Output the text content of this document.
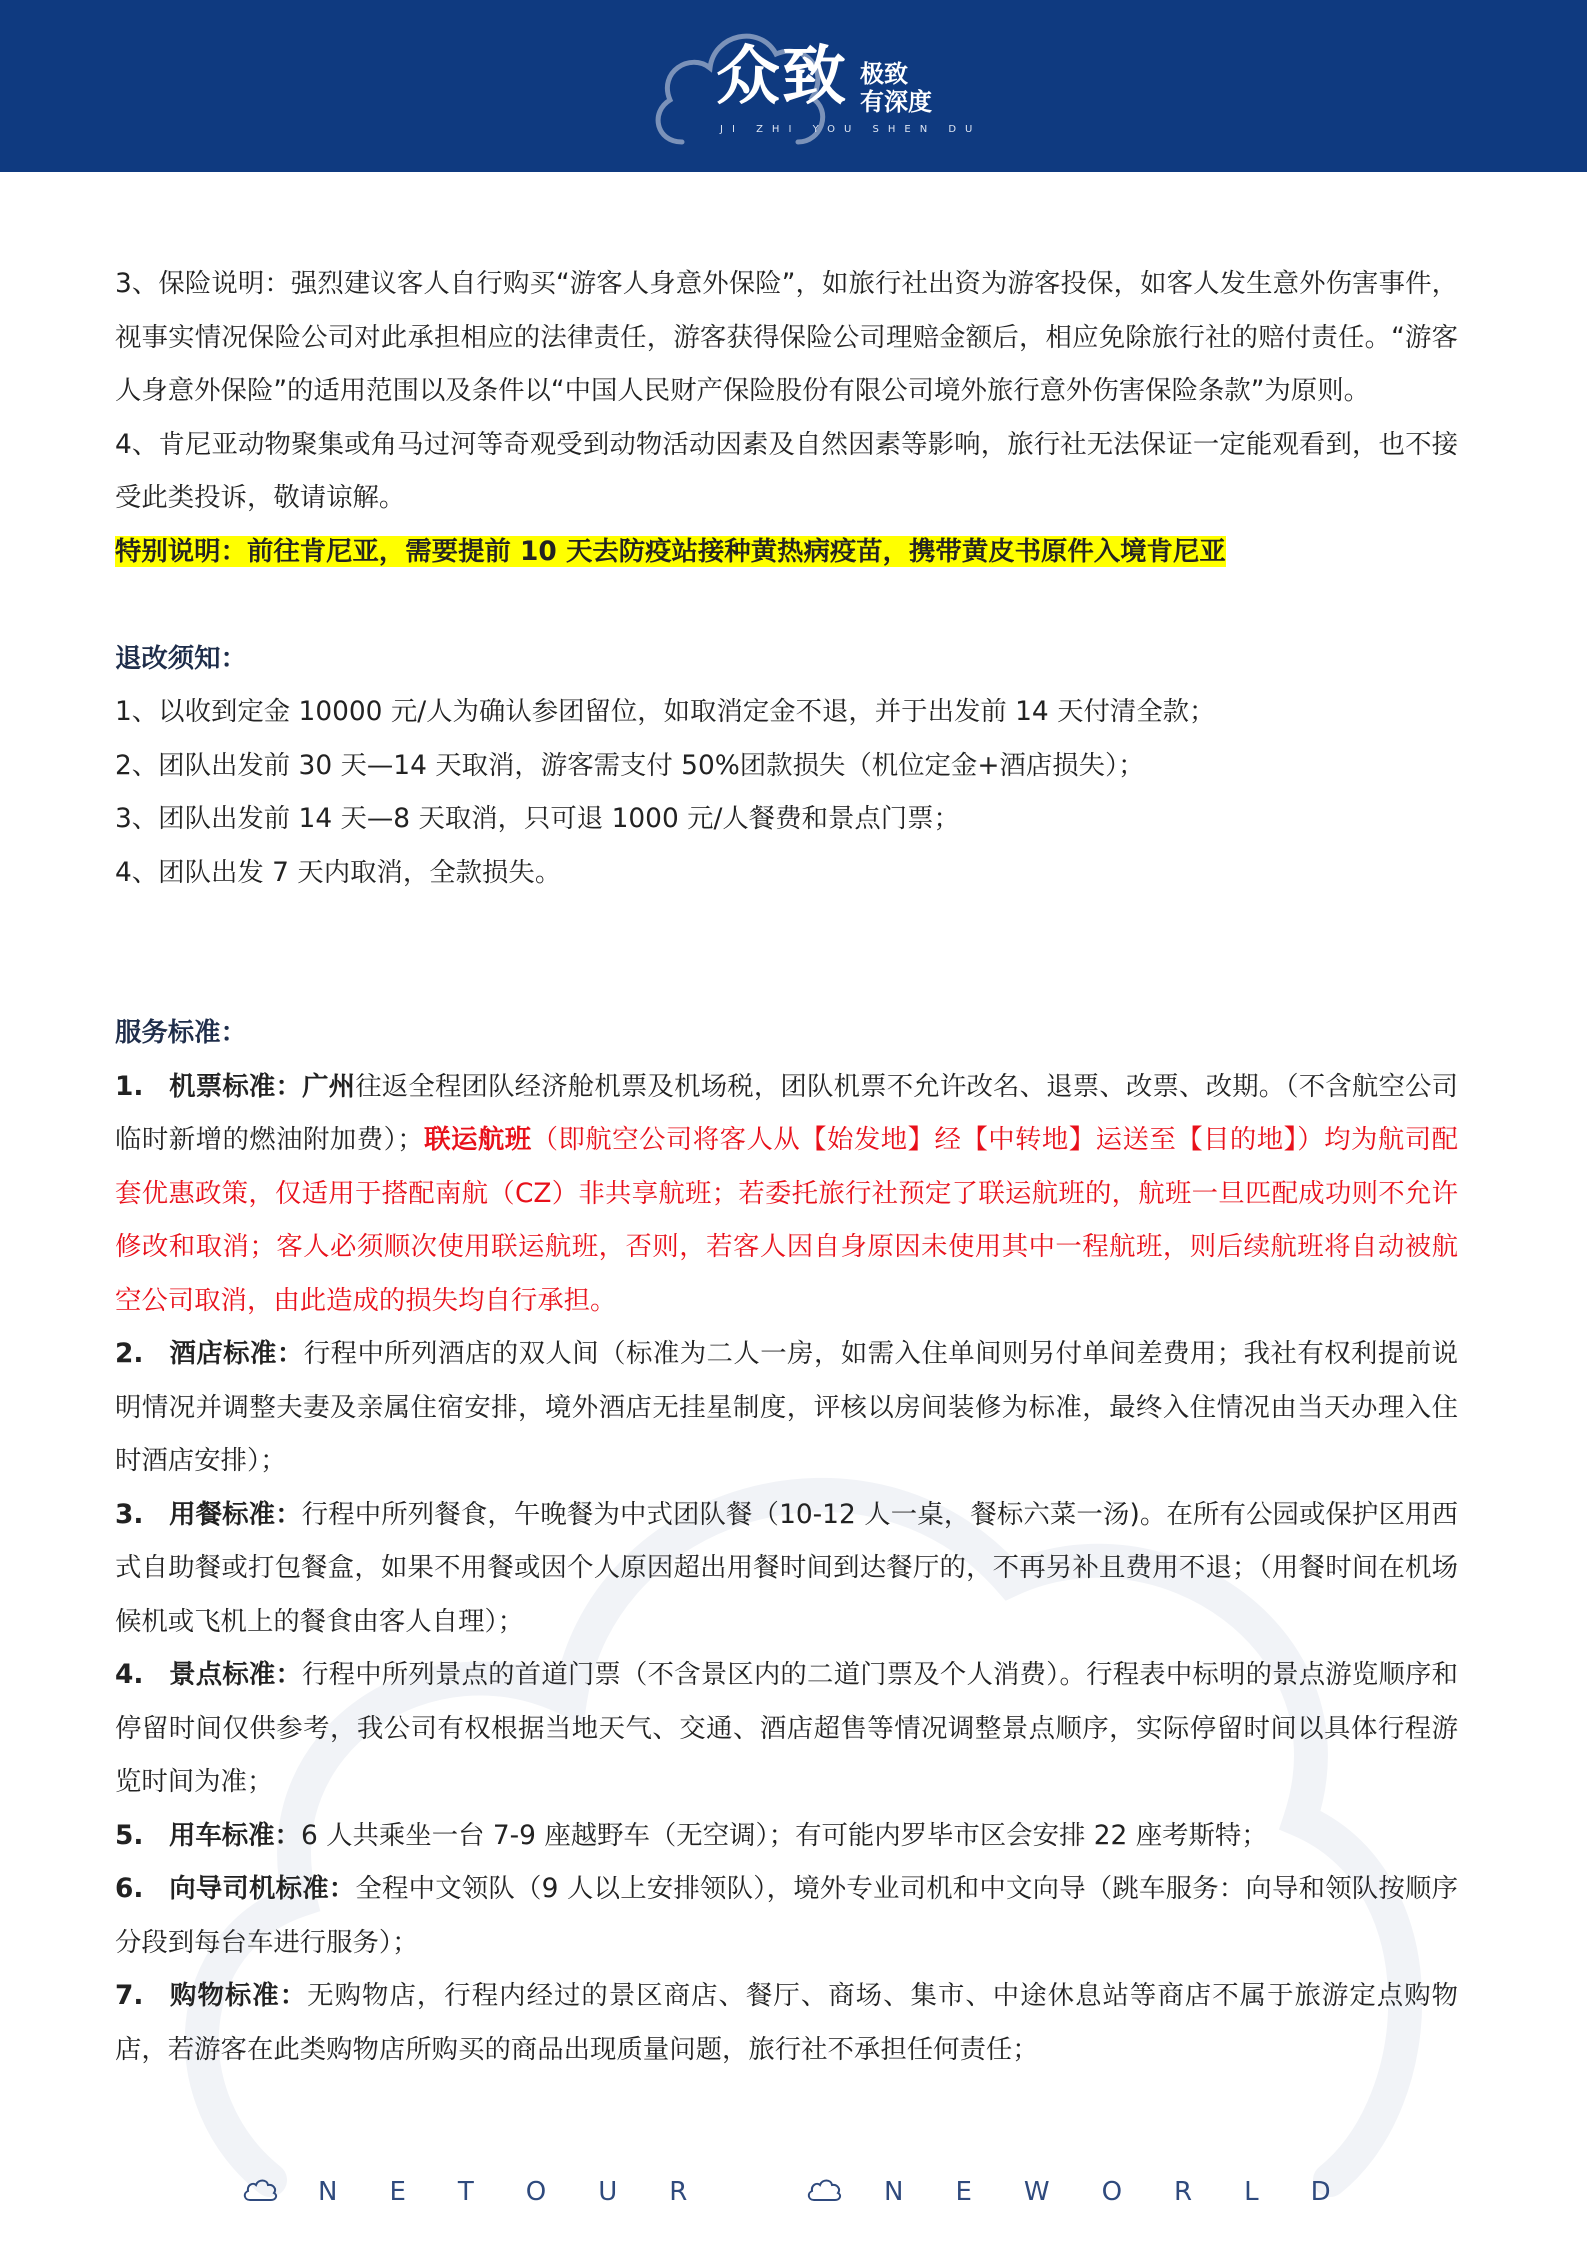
众致 极致
有深度
JI ZHI YOU SHEN DU

3、保险说明：强烈建议客人自行购买“游客人身意外保险”，如旅行社出资为游客投保，如客人发生意外伤害事件，视事实情况保险公司对此承担相应的法律责任，游客获得保险公司理赔金额后，相应免除旅行社的赔付责任。“游客人身意外保险”的适用范围以及条件以“中国人民财产保险股份有限公司境外旅行意外伤害保险条款”为原则。

4、肯尼亚动物聚集或角马过河等奇观受到动物活动因素及自然因素等影响，旅行社无法保证一定能观看到，也不接受此类投诉，敬请谅解。

特别说明：前往肯尼亚，需要提前 10 天去防疫站接种黄热病疫苗，携带黄皮书原件入境肯尼亚

退改须知：

1、以收到定金 10000 元/人为确认参团留位，如取消定金不退，并于出发前 14 天付清全款；

2、团队出发前 30 天—14 天取消，游客需支付 50%团款损失（机位定金+酒店损失）；

3、团队出发前 14 天—8 天取消，只可退 1000 元/人餐费和景点门票；

4、团队出发 7 天内取消，全款损失。

服务标准：

1. 机票标准：广州往返全程团队经济舱机票及机场税，团队机票不允许改名、退票、改票、改期。（不含航空公司临时新增的燃油附加费）；联运航班（即航空公司将客人从【始发地】经【中转地】运送至【目的地】）均为航司配套优惠政策，仅适用于搭配南航（CZ）非共享航班；若委托旅行社预定了联运航班的，航班一旦匹配成功则不允许修改和取消；客人必须顺次使用联运航班，否则，若客人因自身原因未使用其中一程航班，则后续航班将自动被航空公司取消，由此造成的损失均自行承担。

2. 酒店标准：行程中所列酒店的双人间（标准为二人一房，如需入住单间则另付单间差费用；我社有权利提前说明情况并调整夫妻及亲属住宿安排，境外酒店无挂星制度，评核以房间装修为标准，最终入住情况由当天办理入住时酒店安排）；

3. 用餐标准：行程中所列餐食，午晚餐为中式团队餐（10-12 人一桌，餐标六菜一汤)。在所有公园或保护区用西式自助餐或打包餐盒，如果不用餐或因个人原因超出用餐时间到达餐厅的，不再另补且费用不退；（用餐时间在机场候机或飞机上的餐食由客人自理）；

4. 景点标准：行程中所列景点的首道门票（不含景区内的二道门票及个人消费）。行程表中标明的景点游览顺序和停留时间仅供参考，我公司有权根据当地天气、交通、酒店超售等情况调整景点顺序，实际停留时间以具体行程游览时间为准；

5. 用车标准：6 人共乘坐一台 7-9 座越野车（无空调）；有可能内罗毕市区会安排 22 座考斯特；

6. 向导司机标准：全程中文领队（9 人以上安排领队），境外专业司机和中文向导（跳车服务：向导和领队按顺序分段到每台车进行服务）；

7. 购物标准：无购物店，行程内经过的景区商店、餐厅、商场、集市、中途休息站等商店不属于旅游定点购物店，若游客在此类购物店所购买的商品出现质量问题，旅行社不承担任何责任；

NETOUR	NEWORLD
